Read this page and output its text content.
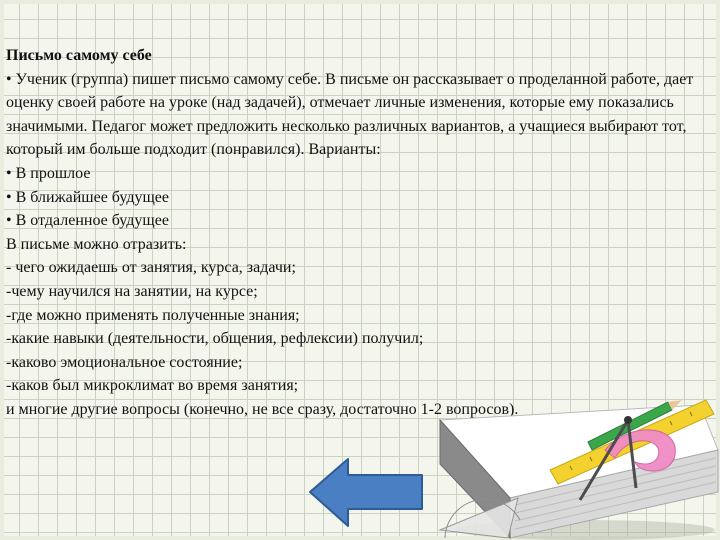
Письмо самому себе
• Ученик (группа) пишет письмо самому себе. В письме он рассказывает о проделанной работе, дает оценку своей работе на уроке (над задачей), отмечает личные изменения, которые ему показались значимыми. Педагог может предложить несколько различных вариантов, а учащиеся выбирают тот, который им больше подходит (понравился). Варианты:
• В прошлое
• В ближайшее будущее
• В отдаленное будущее
В письме можно отразить:
- чего ожидаешь от занятия, курса, задачи;
-чему научился на занятии, на курсе;
-где можно применять полученные знания;
-какие навыки (деятельности, общения, рефлексии) получил;
-каково эмоциональное состояние;
-каков был микроклимат во время занятия;
и многие другие вопросы (конечно, не все сразу, достаточно 1-2 вопросов).
